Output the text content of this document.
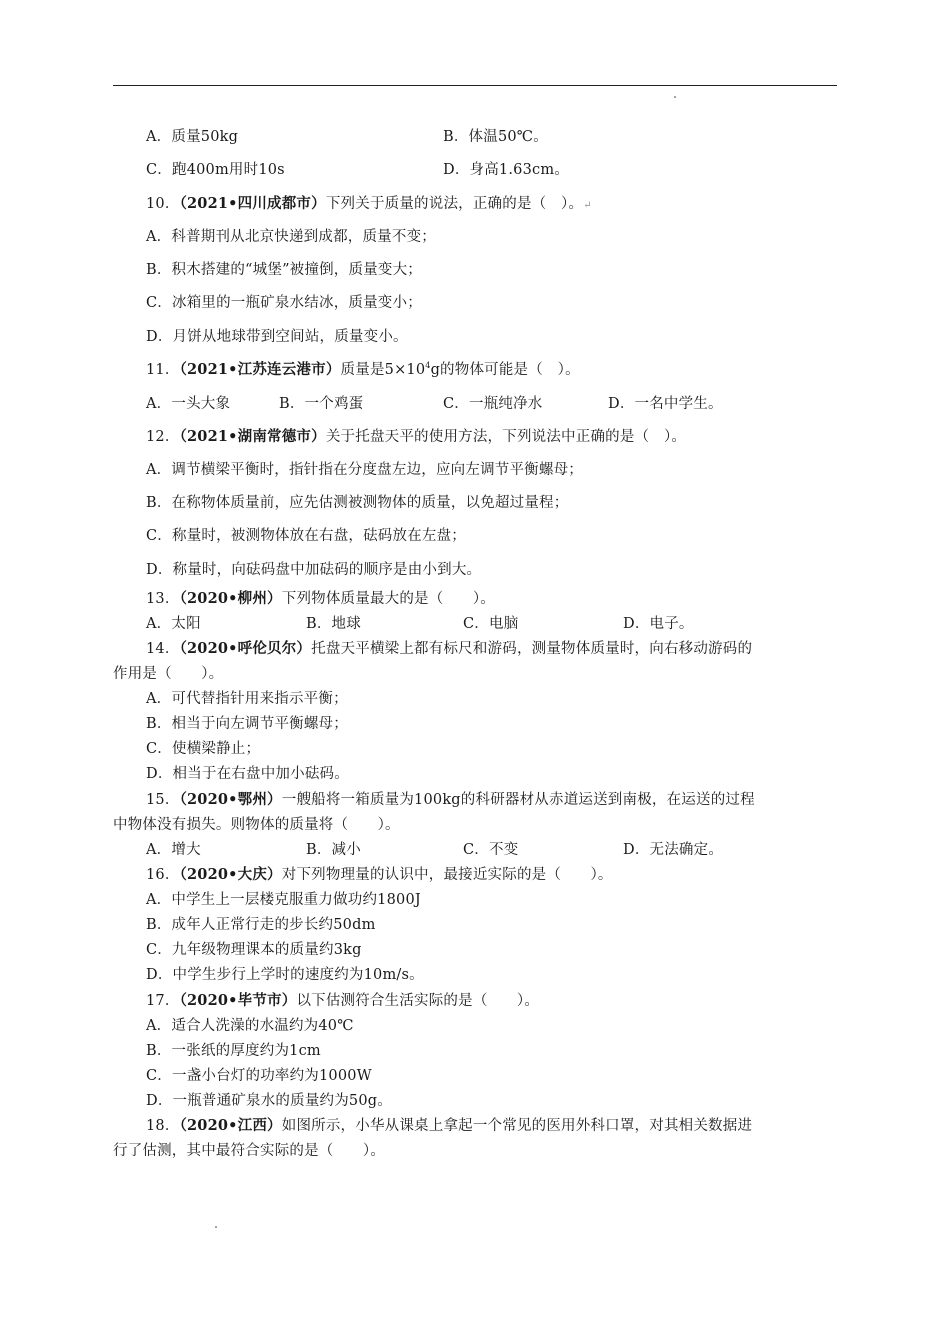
˚
A．质量50kg	B．体温50℃。
C．跑400m用时10s	D．身高1.63cm。
10．（2021•四川成都市）下列关于质量的说法，正确的是（　）。↵
A．科普期刊从北京快递到成都，质量不变；
B．积木搭建的“城堡”被撞倒，质量变大；
C．冰箱里的一瓶矿泉水结冰，质量变小；
D．月饼从地球带到空间站，质量变小。
11．（2021•江苏连云港市）质量是$5\times 10^4g$的物体可能是（　）。
A．一头大象	B．一个鸡蛋	C．一瓶纯净水	D．一名中学生。
12．（2021•湖南常德市）关于托盘天平的使用方法，下列说法中正确的是（　）。
A．调节横梁平衡时，指针指在分度盘左边，应向左调节平衡螺母；
B．在称物体质量前，应先估测被测物体的质量，以免超过量程；
C．称量时，被测物体放在右盘，砝码放在左盘；
D．称量时，向砝码盘中加砝码的顺序是由小到大。
13．（2020•柳州）下列物体质量最大的是（　　）。
A．太阳	B．地球	C．电脑	D．电子。
14．（2020•呼伦贝尔）托盘天平横梁上都有标尺和游码，测量物体质量时，向右移动游码的
作用是（　　）。
A．可代替指针用来指示平衡；
B．相当于向左调节平衡螺母；
C．使横梁静止；
D．相当于在右盘中加小砝码。
15．（2020•鄂州）一艘船将一箱质量为100kg的科研器材从赤道运送到南极，在运送的过程
中物体没有损失。则物体的质量将（　　）。
A．增大	B．减小	C．不变	D．无法确定。
16．（2020•大庆）对下列物理量的认识中，最接近实际的是（　　）。
A．中学生上一层楼克服重力做功约1800J
B．成年人正常行走的步长约50dm
C．九年级物理课本的质量约3kg
D．中学生步行上学时的速度约为10m/s。
17．（2020•毕节市）以下估测符合生活实际的是（　　）。
A．适合人洗澡的水温约为40℃
B．一张纸的厚度约为1cm
C．一盏小台灯的功率约为1000W
D．一瓶普通矿泉水的质量约为50g。
18．（2020•江西）如图所示，小华从课桌上拿起一个常见的医用外科口罩，对其相关数据进
行了估测，其中最符合实际的是（　　）。
˚
